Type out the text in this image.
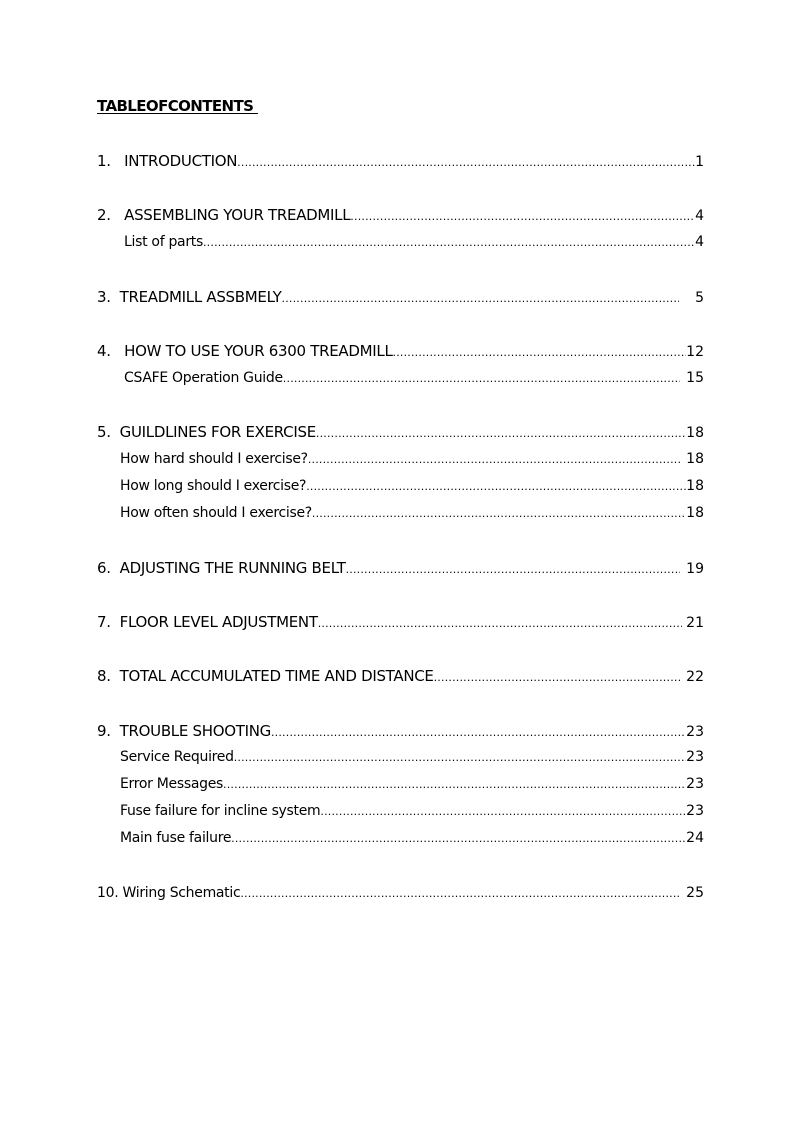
TABLEOFCONTENTS
1.   INTRODUCTION .....	1
2.   ASSEMBLING YOUR TREADMILL .....	4
List of parts .....	4
3.  TREADMILL ASSBMELY .....	5
4.   HOW TO USE YOUR 6300 TREADMILL .....	12
CSAFE Operation Guide .....	15
5.  GUILDLINES FOR EXERCISE .....	18
How hard should I exercise? .....	18
How long should I exercise? .....	18
How often should I exercise? .....	18
6.  ADJUSTING THE RUNNING BELT .....	19
7.  FLOOR LEVEL ADJUSTMENT .....	21
8.  TOTAL ACCUMULATED TIME AND DISTANCE .....	22
9.  TROUBLE SHOOTING .....	23
Service Required .....	23
Error Messages .....	23
Fuse failure for incline system .....	23
Main fuse failure .....	24
10. Wiring Schematic .....	25
